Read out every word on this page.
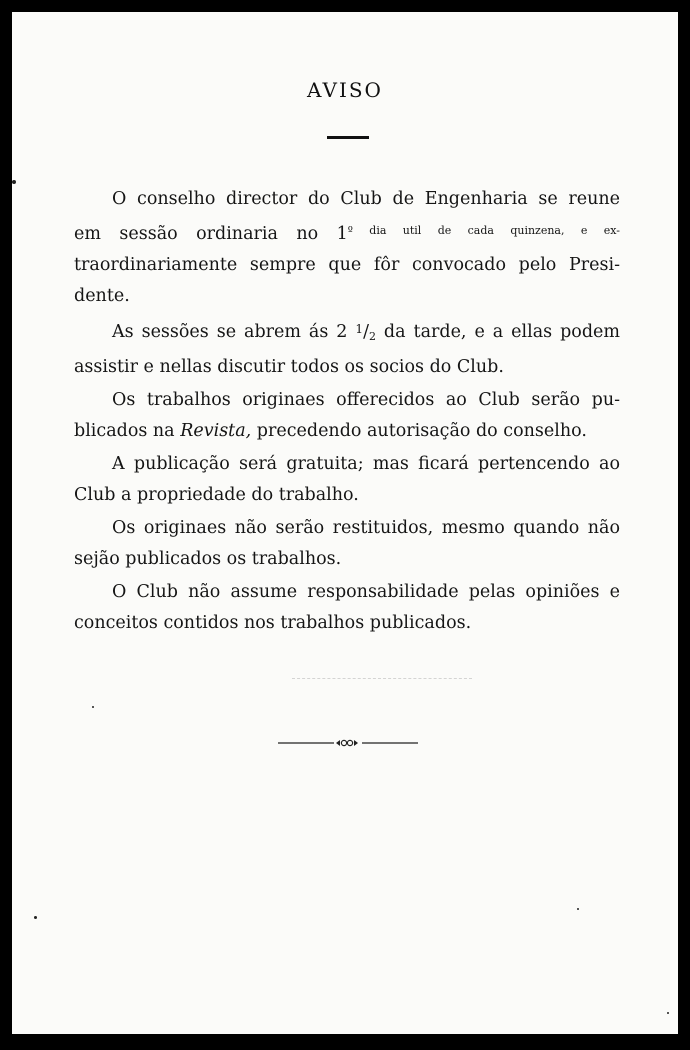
AVISO

O conselho director do Club de Engenharia se reune
em sessão ordinaria no $1^{º dia util de cada quinzena, e ex-}$
traordinariamente sempre que fôr convocado pelo Presi-
dente.

As sessões se abrem ás 2 $^1/_2$ da tarde, e a ellas podem
assistir e nellas discutir todos os socios do Club.

Os trabalhos originaes offerecidos ao Club serão pu-
blicados na Revista, precedendo autorisação do conselho.

A publicação será gratuita; mas ficará pertencendo ao
Club a propriedade do trabalho.

Os originaes não serão restituidos, mesmo quando não
sejão publicados os trabalhos.

O Club não assume responsabilidade pelas opiniões e
conceitos contidos nos trabalhos publicados.
